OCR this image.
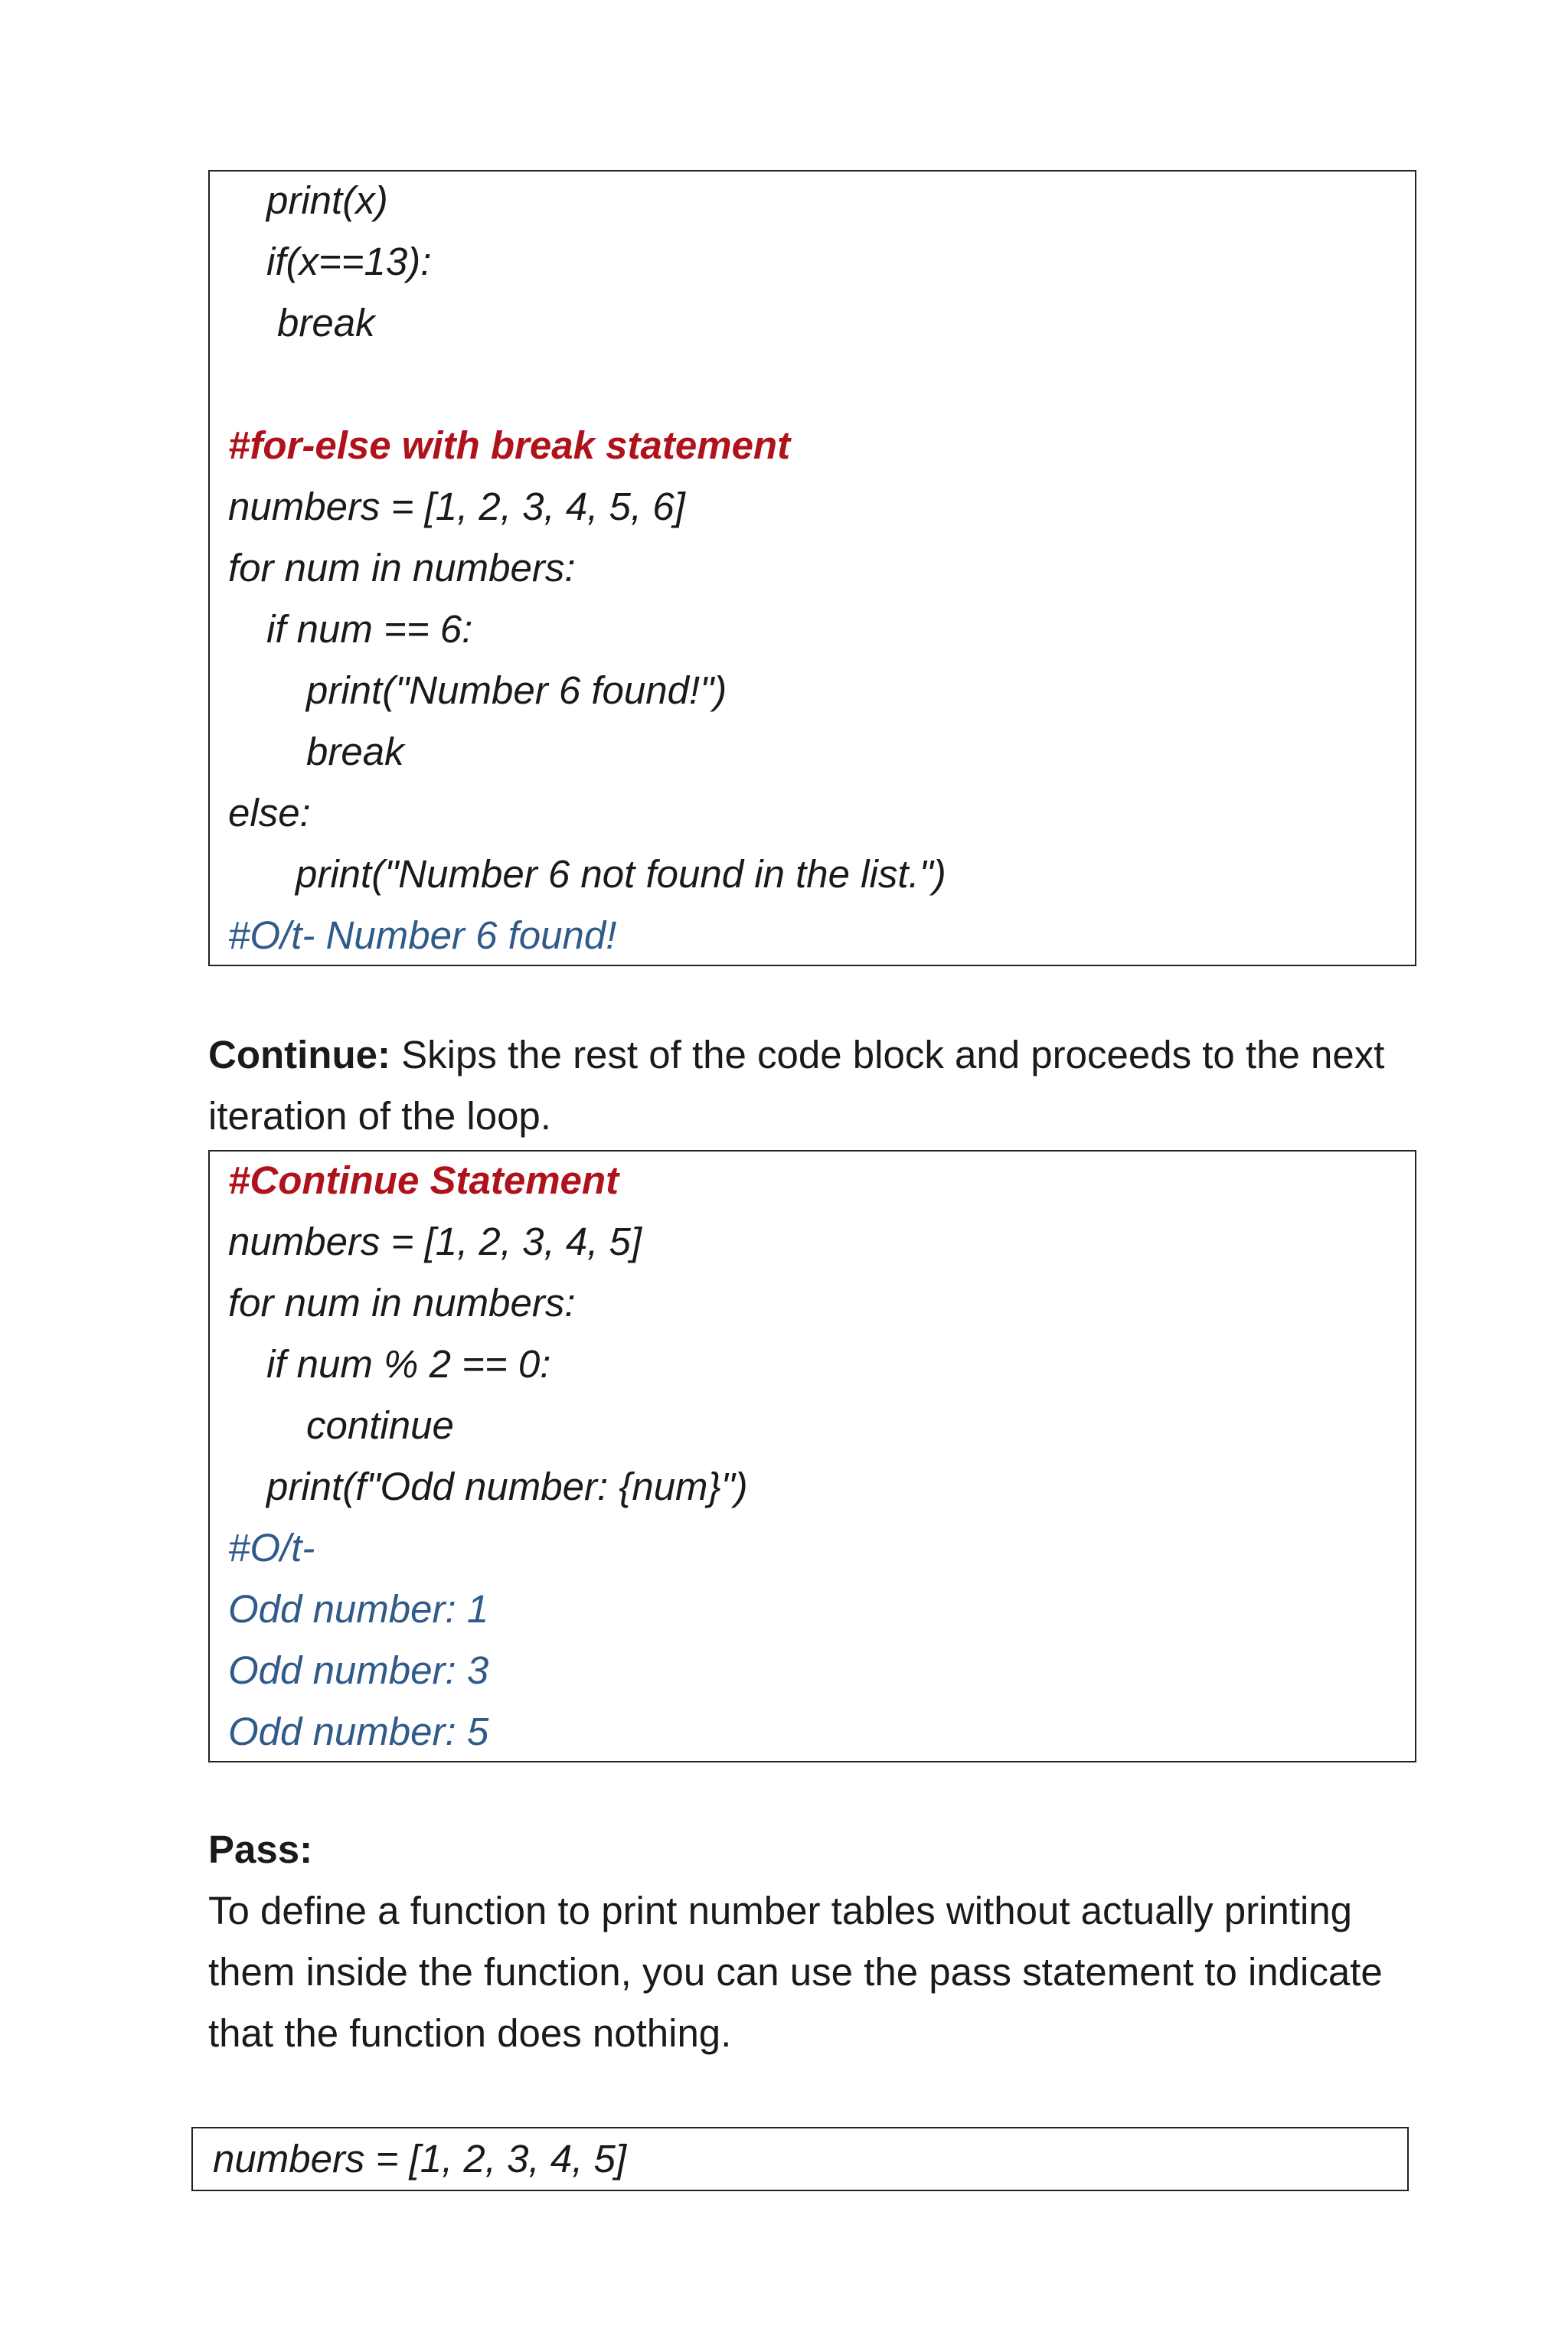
print(x)
if(x==13):
break
#for-else with break statement
numbers = [1, 2, 3, 4, 5, 6]
for num in numbers:
if num == 6:
print("Number 6 found!")
break
else:
print("Number 6 not found in the list.")
#O/t- Number 6 found!
Continue: Skips the rest of the code block and proceeds to the next iteration of the loop.
#Continue Statement
numbers = [1, 2, 3, 4, 5]
for num in numbers:
if num % 2 == 0:
continue
print(f"Odd number: {num}")
#O/t-
Odd number: 1
Odd number: 3
Odd number: 5
Pass:
To define a function to print number tables without actually printing them inside the function, you can use the pass statement to indicate that the function does nothing.
numbers = [1, 2, 3, 4, 5]
